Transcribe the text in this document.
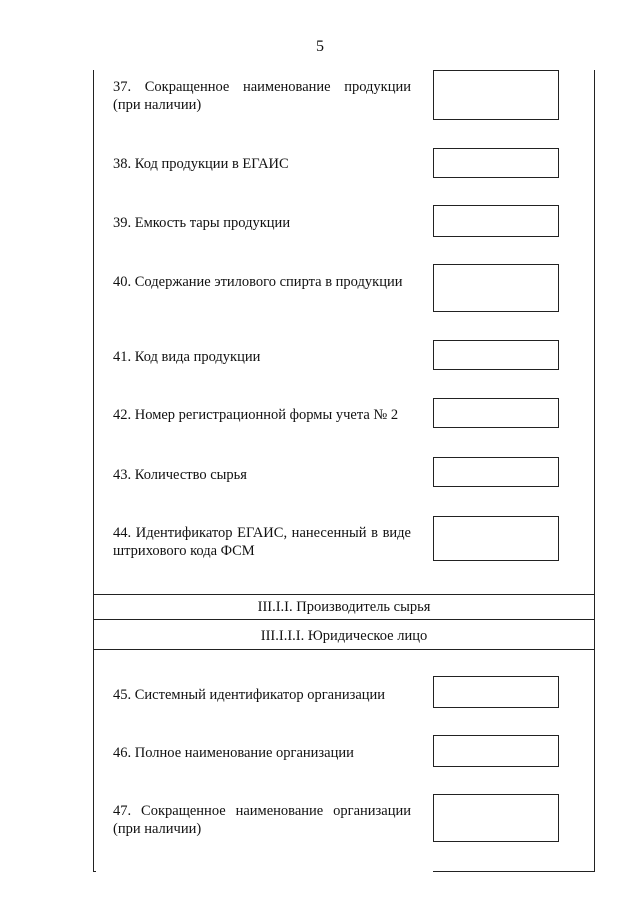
5
37. Сокращенное наименование продукции (при наличии)
38. Код продукции в ЕГАИС
39. Емкость тары продукции
40. Содержание этилового спирта в продукции
41. Код вида продукции
42. Номер регистрационной формы учета № 2
43. Количество сырья
44. Идентификатор ЕГАИС, нанесенный в виде штрихового кода ФСМ
III.I.I. Производитель сырья
III.I.I.I. Юридическое лицо
45. Системный идентификатор организации
46. Полное наименование организации
47. Сокращенное наименование организации (при наличии)
